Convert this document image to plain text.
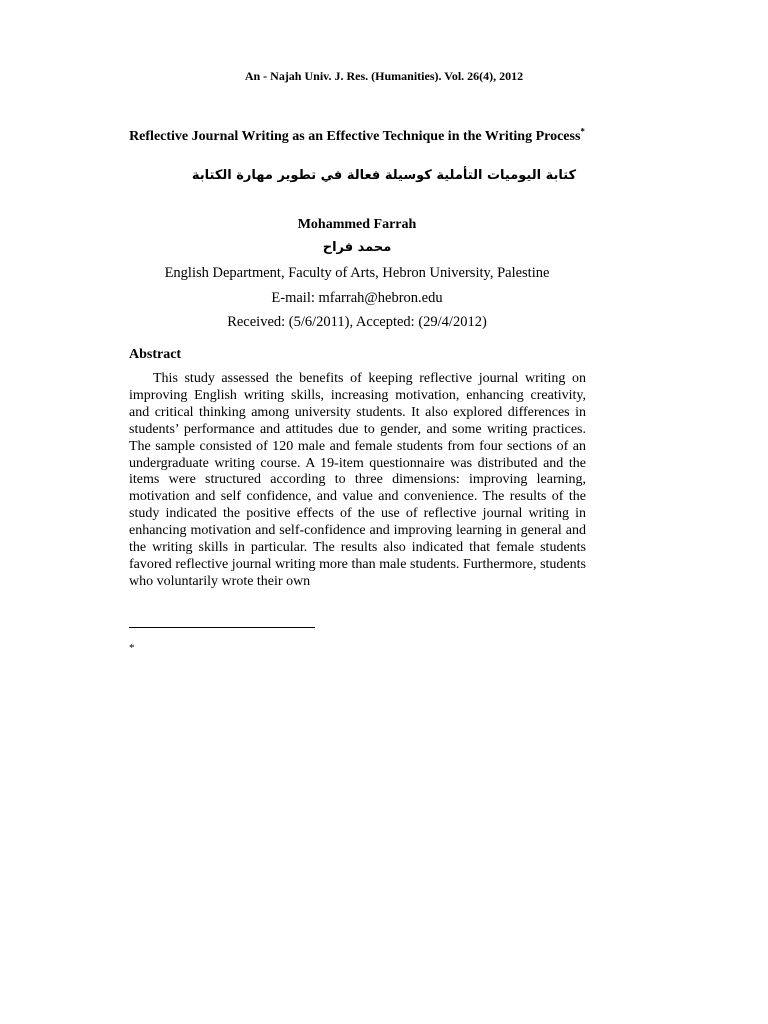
An - Najah Univ. J. Res. (Humanities). Vol. 26(4), 2012
Reflective Journal Writing as an Effective Technique in the Writing Process*
كتابة اليوميات التأملية كوسيلة فعالة في تطوير مهارة الكتابة
Mohammed Farrah
محمد فراح
English Department, Faculty of Arts, Hebron University, Palestine
E-mail: mfarrah@hebron.edu
Received: (5/6/2011), Accepted: (29/4/2012)
Abstract

This study assessed the benefits of keeping reflective journal writing on improving English writing skills, increasing motivation, enhancing creativity, and critical thinking among university students. It also explored differences in students’ performance and attitudes due to gender, and some writing practices. The sample consisted of 120 male and female students from four sections of an undergraduate writing course. A 19-item questionnaire was distributed and the items were structured according to three dimensions: improving learning, motivation and self confidence, and value and convenience. The results of the study indicated the positive effects of the use of reflective journal writing in enhancing motivation and self-confidence and improving learning in general and the writing skills in particular. The results also indicated that female students favored reflective journal writing more than male students. Furthermore, students who voluntarily wrote their own

*
